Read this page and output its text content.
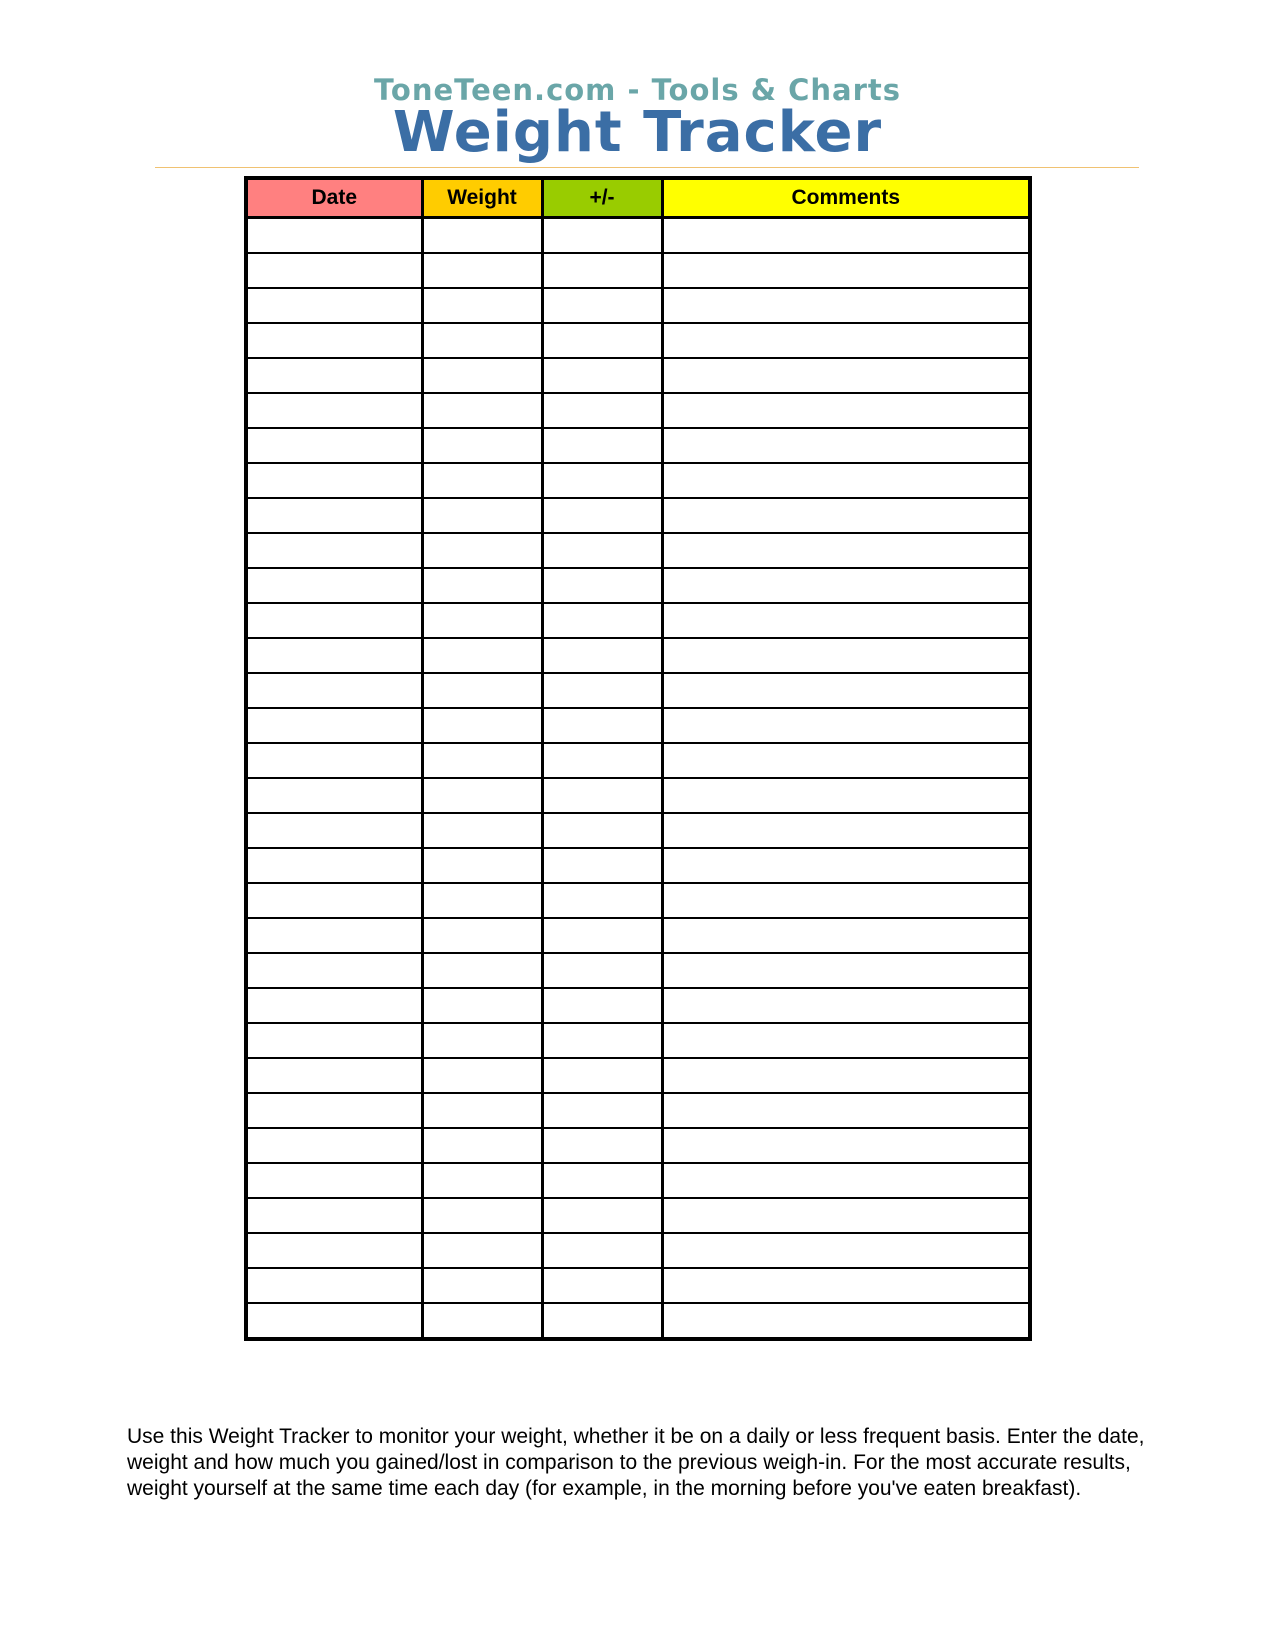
ToneTeen.com - Tools & Charts
Weight Tracker
Date	Weight	+/-	Comments

Use this Weight Tracker to monitor your weight, whether it be on a daily or less frequent basis. Enter the date, weight and how much you gained/lost in comparison to the previous weigh-in. For the most accurate results, weight yourself at the same time each day (for example, in the morning before you've eaten breakfast).
